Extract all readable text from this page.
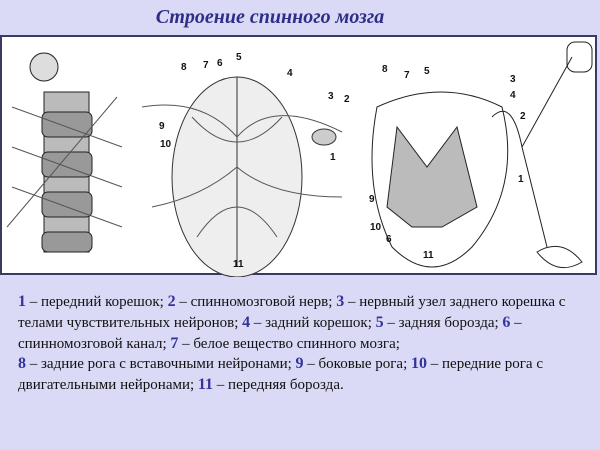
Строение спинного мозга
8 7 6
5
4
3 2
9
10
1
11
8
7 5
3
4
2
1
9
10
6
11
1 – передний корешок; 2 – спинномозговой нерв; 3 – нервный узел заднего корешка с телами чувствительных нейронов; 4 – задний корешок; 5 – задняя борозда; 6 – спинномозговой канал; 7 – белое вещество спинного мозга;
8 – задние рога с вставочными нейронами; 9 – боковые рога; 10 – передние рога с двигательными нейронами; 11 – передняя борозда.
